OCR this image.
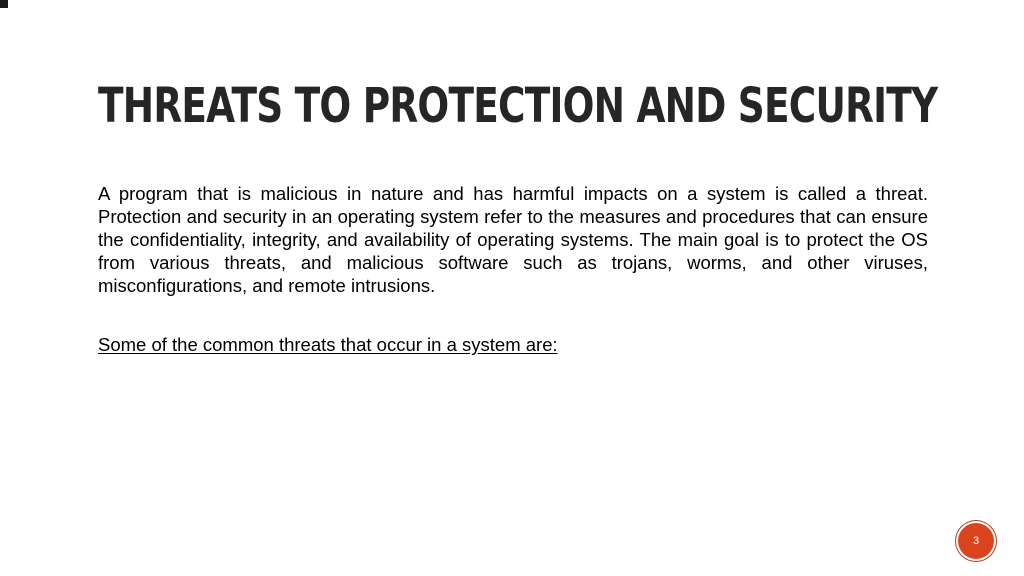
THREATS TO PROTECTION AND SECURITY

A program that is malicious in nature and has harmful impacts on a system is called a threat. Protection and security in an operating system refer to the measures and procedures that can ensure the confidentiality, integrity, and availability of operating systems. The main goal is to protect the OS from various threats, and malicious software such as trojans, worms, and other viruses, misconfigurations, and remote intrusions.

Some of the common threats that occur in a system are:

3
